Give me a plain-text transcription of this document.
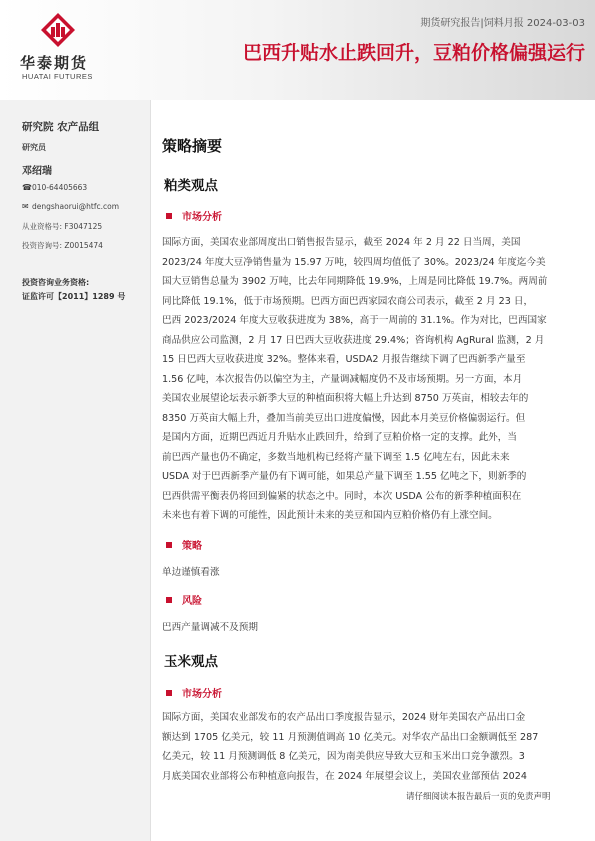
华泰期货
HUATAI FUTURES
期货研究报告|饲料月报 2024-03-03
巴西升贴水止跌回升，豆粕价格偏强运行
研究院 农产品组
研究员
邓绍瑞
☎010-64405663
✉ dengshaorui@htfc.com
从业资格号: F3047125
投资咨询号: Z0015474
投资咨询业务资格:
证监许可【2011】1289 号
策略摘要
粕类观点
市场分析
国际方面，美国农业部周度出口销售报告显示，截至 2024 年 2 月 22 日当周，美国
2023/24 年度大豆净销售量为 15.97 万吨，较四周均值低了 30%。2023/24 年度迄今美
国大豆销售总量为 3902 万吨，比去年同期降低 19.9%，上周是同比降低 19.7%。两周前
同比降低 19.1%，低于市场预期。巴西方面巴西家园农商公司表示，截至 2 月 23 日，
巴西 2023/2024 年度大豆收获进度为 38%，高于一周前的 31.1%。作为对比，巴西国家
商品供应公司监测，2 月 17 日巴西大豆收获进度 29.4%；咨询机构 AgRural 监测，2 月
15 日巴西大豆收获进度 32%。整体来看，USDA2 月报告继续下调了巴西新季产量至
1.56 亿吨，本次报告仍以偏空为主，产量调减幅度仍不及市场预期。另一方面，本月
美国农业展望论坛表示新季大豆的种植面积将大幅上升达到 8750 万英亩，相较去年的
8350 万英亩大幅上升，叠加当前美豆出口进度偏慢，因此本月美豆价格偏弱运行。但
是国内方面，近期巴西近月升贴水止跌回升，给到了豆粕价格一定的支撑。此外，当
前巴西产量也仍不确定，多数当地机构已经将产量下调至 1.5 亿吨左右，因此未来
USDA 对于巴西新季产量仍有下调可能，如果总产量下调至 1.55 亿吨之下，则新季的
巴西供需平衡表仍将回到偏紧的状态之中。同时，本次 USDA 公布的新季种植面积在
未来也有着下调的可能性，因此预计未来的美豆和国内豆粕价格仍有上涨空间。
策略
单边谨慎看涨
风险
巴西产量调减不及预期
玉米观点
市场分析
国际方面，美国农业部发布的农产品出口季度报告显示，2024 财年美国农产品出口金
额达到 1705 亿美元，较 11 月预测值调高 10 亿美元。对华农产品出口金额调低至 287
亿美元，较 11 月预测调低 8 亿美元，因为南美供应导致大豆和玉米出口竞争激烈。3
月底美国农业部将公布种植意向报告，在 2024 年展望会议上，美国农业部预估 2024
请仔细阅读本报告最后一页的免责声明
